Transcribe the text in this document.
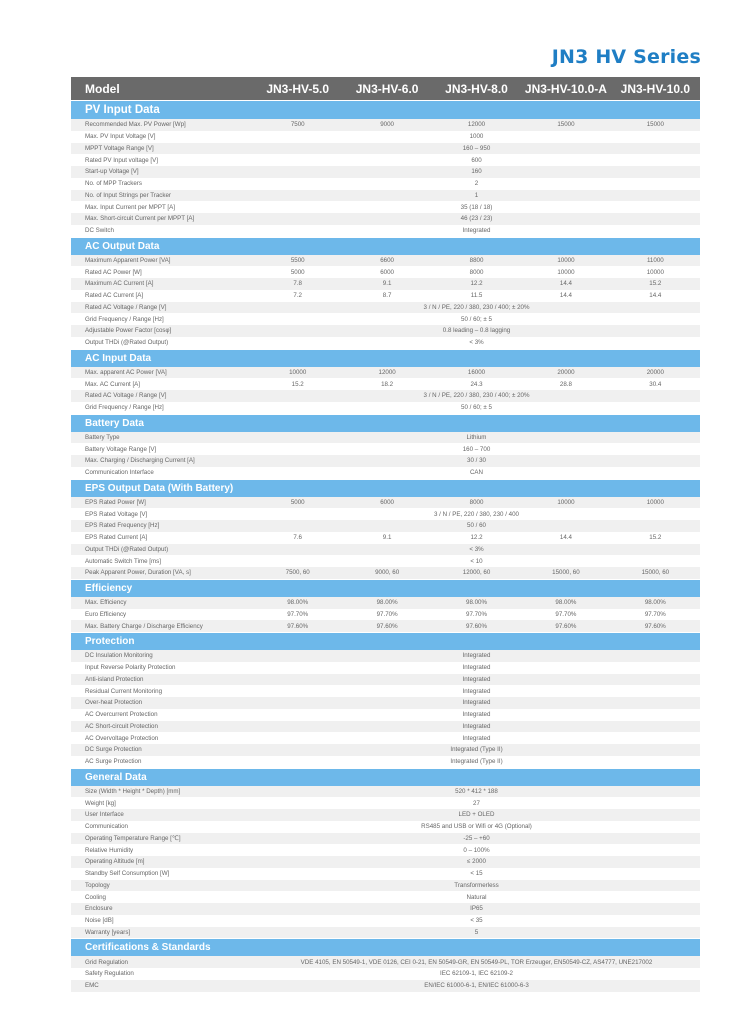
JN3 HV Series
Model	JN3-HV-5.0	JN3-HV-6.0	JN3-HV-8.0	JN3-HV-10.0-A	JN3-HV-10.0
PV Input Data
Recommended Max. PV Power [Wp]	7500	9000	12000	15000	15000
Max. PV Input Voltage [V]	1000
MPPT Voltage Range [V]	160 – 950
Rated PV Input voltage [V]	600
Start-up Voltage [V]	160
No. of MPP Trackers	2
No. of Input Strings per Tracker	1
Max. Input Current per MPPT [A]	35 (18 / 18)
Max. Short-circuit Current per MPPT [A]	46 (23 / 23)
DC Switch	Integrated
AC Output Data
Maximum Apparent Power [VA]	5500	6600	8800	10000	11000
Rated AC Power [W]	5000	6000	8000	10000	10000
Maximum AC Current [A]	7.8	9.1	12.2	14.4	15.2
Rated AC Current [A]	7.2	8.7	11.5	14.4	14.4
Rated AC Voltage / Range [V]	3 / N / PE, 220 / 380, 230 / 400; ± 20%
Grid Frequency / Range [Hz]	50 / 60; ± 5
Adjustable Power Factor [cosφ]	0.8 leading – 0.8 lagging
Output THDi (@Rated Output)	< 3%
AC Input Data
Max. apparent AC Power [VA]	10000	12000	16000	20000	20000
Max. AC Current [A]	15.2	18.2	24.3	28.8	30.4
Rated AC Voltage / Range [V]	3 / N / PE, 220 / 380, 230 / 400; ± 20%
Grid Frequency / Range [Hz]	50 / 60; ± 5
Battery Data
Battery Type	Lithium
Battery Voltage Range [V]	160 – 700
Max. Charging / Discharging Current [A]	30 / 30
Communication Interface	CAN
EPS Output Data (With Battery)
EPS Rated Power [W]	5000	6000	8000	10000	10000
EPS Rated Voltage [V]	3 / N / PE, 220 / 380, 230 / 400
EPS Rated Frequency [Hz]	50 / 60
EPS Rated Current [A]	7.6	9.1	12.2	14.4	15.2
Output THDi (@Rated Output)	< 3%
Automatic Switch Time [ms]	< 10
Peak Apparent Power, Duration [VA, s]	7500, 60	9000, 60	12000, 60	15000, 60	15000, 60
Efficiency
Max. Efficiency	98.00%	98.00%	98.00%	98.00%	98.00%
Euro Efficiency	97.70%	97.70%	97.70%	97.70%	97.70%
Max. Battery Charge / Discharge Efficiency	97.60%	97.60%	97.60%	97.60%	97.60%
Protection
DC Insulation Monitoring	Integrated
Input Reverse Polarity Protection	Integrated
Anti-island Protection	Integrated
Residual Current Monitoring	Integrated
Over-heat Protection	Integrated
AC Overcurrent Protection	Integrated
AC Short-circuit Protection	Integrated
AC Overvoltage Protection	Integrated
DC Surge Protection	Integrated (Type II)
AC Surge Protection	Integrated (Type II)
General Data
Size (Width * Height * Depth) [mm]	520 * 412 * 188
Weight [kg]	27
User Interface	LED + OLED
Communication	RS485 and USB or Wifi or 4G (Optional)
Operating Temperature Range [℃]	-25 – +60
Relative Humidity	0 – 100%
Operating Altitude [m]	≤ 2000
Standby Self Consumption [W]	< 15
Topology	Transformerless
Cooling	Natural
Enclosure	IP65
Noise [dB]	< 35
Warranty [years]	5
Certifications & Standards
Grid Regulation	VDE 4105, EN 50549-1, VDE 0126, CEI 0-21, EN 50549-GR, EN 50549-PL, TOR Erzeuger, EN50549-CZ, AS4777, UNE217002
Safety Regulation	IEC 62109-1, IEC 62109-2
EMC	EN/IEC 61000-6-1, EN/IEC 61000-6-3
